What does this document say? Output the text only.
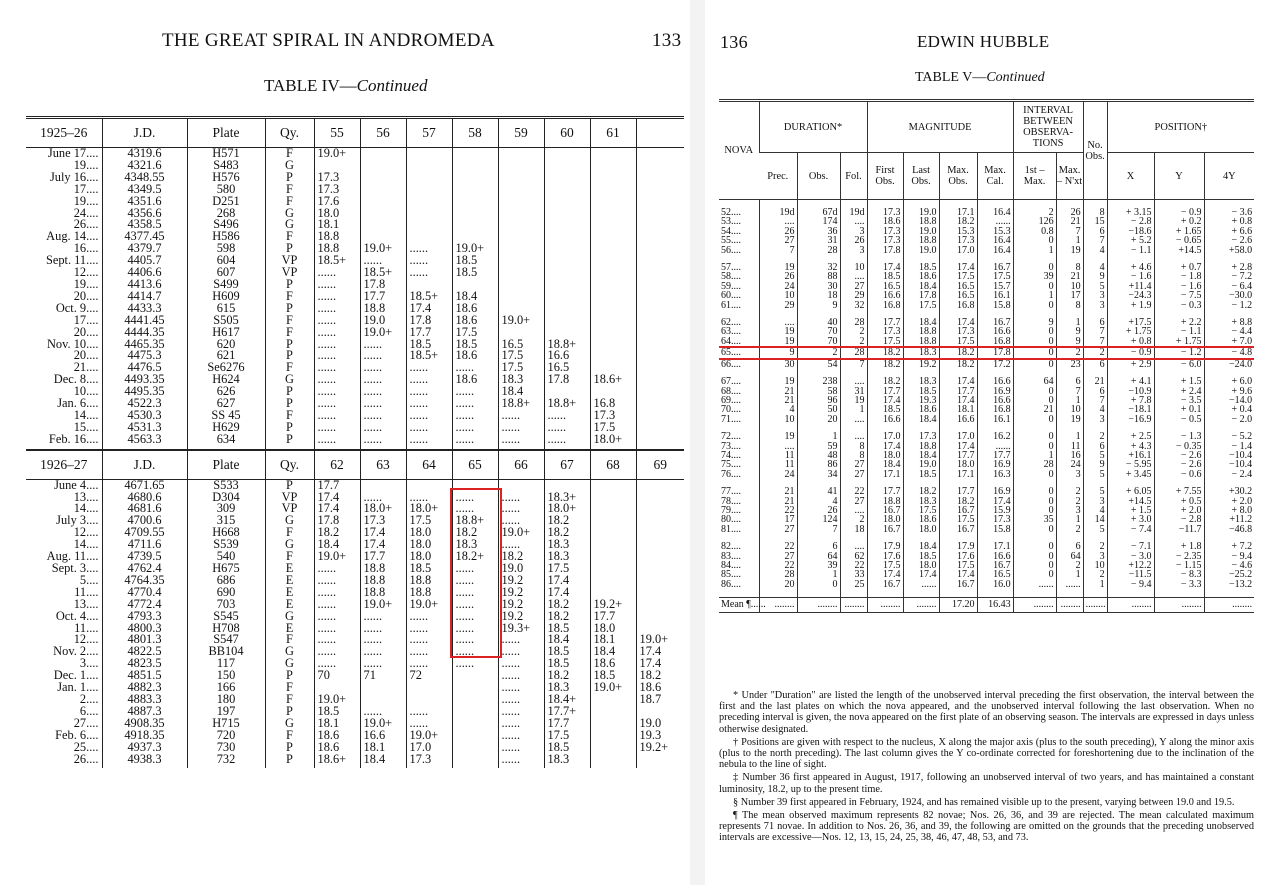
THE GREAT SPIRAL IN ANDROMEDA	133
TABLE IV—Continued
1925–26	J.D.	Plate	Qy.	55	56	57	58	59	60	61	
June 17....	4319.6	H571	F	19.0+							
19....	4321.6	S483	G								
July 16....	4348.55	H576	P	17.3							
17....	4349.5	580	F	17.3							
19....	4351.6	D251	F	17.6							
24....	4356.6	268	G	18.0							
26....	4358.5	S496	G	18.1							
Aug. 14....	4377.45	H586	F	18.8							
16....	4379.7	598	P	18.8	19.0+	......	19.0+				
Sept. 11....	4405.7	604	VP	18.5+	......	......	18.5				
12....	4406.6	607	VP	......	18.5+	......	18.5				
19....	4413.6	S499	P	......	17.8						
20....	4414.7	H609	F	......	17.7	18.5+	18.4				
Oct. 9....	4433.3	615	P	......	18.8	17.4	18.6				
17....	4441.45	S505	F	......	19.0	17.8	18.6	19.0+			
20....	4444.35	H617	F	......	19.0+	17.7	17.5				
Nov. 10....	4465.35	620	P	......	......	18.5	18.5	16.5	18.8+		
20....	4475.3	621	P	......	......	18.5+	18.6	17.5	16.6		
21....	4476.5	Se6276	F	......	......	......	......	17.5	16.5		
Dec. 8....	4493.35	H624	G	......	......	......	18.6	18.3	17.8	18.6+	
10....	4495.35	626	P	......	......	......	......	18.4			
Jan. 6....	4522.3	627	P	......	......	......	......	18.8+	18.8+	16.8	
14....	4530.3	SS 45	F	......	......	......	......	......	......	17.3	
15....	4531.3	H629	P	......	......	......	......	......	......	17.5	
Feb. 16....	4563.3	634	P	......	......	......	......	......	......	18.0+	
1926–27	J.D.	Plate	Qy.	62	63	64	65	66	67	68	69
June 4....	4671.65	S533	P	17.7							
13....	4680.6	D304	VP	17.4	......	......	......	......	18.3+		
14....	4681.6	309	VP	17.4	18.0+	18.0+	......	......	18.0+		
July 3....	4700.6	315	G	17.8	17.3	17.5	18.8+	......	18.2		
12....	4709.55	H668	F	18.2	17.4	18.0	18.2	19.0+	18.2		
14....	4711.6	S539	G	18.4	17.4	18.0	18.3	......	18.3		
Aug. 11....	4739.5	540	F	19.0+	17.7	18.0	18.2+	18.2	18.3		
Sept. 3....	4762.4	H675	E	......	18.8	18.5	......	19.0	17.5		
5....	4764.35	686	E	......	18.8	18.8	......	19.2	17.4		
11....	4770.4	690	E	......	18.8	18.8	......	19.2	17.4		
13....	4772.4	703	E	......	19.0+	19.0+	......	19.2	18.2	19.2+	
Oct. 4....	4793.3	S545	G	......	......	......	......	19.2	18.2	17.7	
11....	4800.3	H708	E	......	......	......	......	19.3+	18.5	18.0	
12....	4801.3	S547	F	......	......	......	......	......	18.4	18.1	19.0+
Nov. 2....	4822.5	BB104	G	......	......	......	......	......	18.5	18.4	17.4
3....	4823.5	117	G	......	......	......	......	......	18.5	18.6	17.4
Dec. 1....	4851.5	150	P	70	71	72		......	18.2	18.5	18.2
Jan. 1....	4882.3	166	F					......	18.3	19.0+	18.6
2....	4883.3	180	F	19.0+				......	18.4+		18.7
6....	4887.3	197	P	18.5	......	......		......	17.7+		
27....	4908.35	H715	G	18.1	19.0+	......		......	17.7		19.0
Feb. 6....	4918.35	720	F	18.6	16.6	19.0+		......	17.5		19.3
25....	4937.3	730	P	18.6	18.1	17.0		......	18.5		19.2+
26....	4938.3	732	P	18.6+	18.4	17.3		......	18.3		
136	EDWIN HUBBLE
TABLE V—Continued
NOVA	DURATION*			MAGNITUDE				INTERVAL BETWEEN OBSERVA-TIONS		No. Obs.	POSITION†		
	Prec.	Obs.	Fol.	First Obs.	Last Obs.	Max. Obs.	Max. Cal.	1st – Max.	Max. – N'xt		X	Y	4Y

52....	19d	67d	19d	17.3	19.0	17.1	16.4	2	26	8	+ 3.15	− 0.9	− 3.6
53....	....	174	....	18.6	18.8	18.2	......	126	21	15	− 2.8	+ 0.2	+ 0.8
54....	26	36	3	17.3	19.0	15.3	15.3	0.8	7	6	−18.6	+ 1.65	+ 6.6
55....	27	31	26	17.3	18.8	17.3	16.4	0	1	7	+ 5.2	− 0.65	− 2.6
56....	7	28	3	17.8	19.0	17.0	16.4	1	19	4	− 1.1	+14.5	+58.0

57....	19	32	10	17.4	18.5	17.4	16.7	0	8	4	+ 4.6	+ 0.7	+ 2.8
58....	26	88	....	18.5	18.6	17.5	17.5	39	21	9	− 1.6	− 1.8	− 7.2
59....	24	30	27	16.5	18.4	16.5	15.7	0	10	5	+11.4	− 1.6	− 6.4
60....	10	18	29	16.6	17.8	16.5	16.1	1	17	3	−24.3	− 7.5	−30.0
61....	29	9	32	16.8	17.5	16.8	15.8	0	8	3	+ 1.9	− 0.3	− 1.2

62....	....	40	28	17.7	18.4	17.4	16.7	9	1	6	+17.5	+ 2.2	+ 8.8
63....	19	70	2	17.3	18.8	17.3	16.6	0	9	7	+ 1.75	− 1.1	− 4.4
64....	19	70	2	17.5	18.8	17.5	16.8	0	9	7	+ 0.8	+ 1.75	+ 7.0
65....	9	2	28	18.2	18.3	18.2	17.8	0	2	2	− 0.9	− 1.2	− 4.8
66....	30	54	7	18.2	19.2	18.2	17.2	0	23	6	+ 2.9	− 6.0	−24.0

67....	19	238	....	18.2	18.3	17.4	16.6	64	6	21	+ 4.1	+ 1.5	+ 6.0
68....	21	58	31	17.7	18.5	17.7	16.9	0	7	6	−10.9	+ 2.4	+ 9.6
69....	21	96	19	17.4	19.3	17.4	16.6	0	1	7	+ 7.8	− 3.5	−14.0
70....	4	50	1	18.5	18.6	18.1	16.8	21	10	4	−18.1	+ 0.1	+ 0.4
71....	10	20	....	16.6	18.4	16.6	16.1	0	19	3	−16.9	− 0.5	− 2.0

72....	19	1	....	17.0	17.3	17.0	16.2	0	1	2	+ 2.5	− 1.3	− 5.2
73....	....	59	8	17.4	18.8	17.4	......	0	11	6	+ 4.3	− 0.35	− 1.4
74....	11	48	8	18.0	18.4	17.7	17.7	1	16	5	+16.1	− 2.6	−10.4
75....	11	86	27	18.4	19.0	18.0	16.9	28	24	9	− 5.95	− 2.6	−10.4
76....	24	34	27	17.1	18.5	17.1	16.3	0	3	5	+ 3.45	− 0.6	− 2.4

77....	21	41	22	17.7	18.2	17.7	16.9	0	2	5	+ 6.05	+ 7.55	+30.2
78....	21	4	27	18.8	18.3	18.2	17.4	0	2	3	+14.5	+ 0.5	+ 2.0
79....	22	26	....	16.7	17.5	16.7	15.9	0	3	4	+ 1.5	+ 2.0	+ 8.0
80....	17	124	2	18.0	18.6	17.5	17.3	35	1	14	+ 3.0	− 2.8	+11.2
81....	27	7	18	16.7	18.0	16.7	15.8	0	2	5	− 7.4	−11.7	−46.8

82....	22	6	....	17.9	18.4	17.9	17.1	0	6	2	− 7.1	+ 1.8	+ 7.2
83....	27	64	62	17.6	18.5	17.6	16.6	0	64	3	− 3.0	− 2.35	− 9.4
84....	22	39	22	17.5	18.0	17.5	16.7	0	2	10	+12.2	− 1.15	− 4.6
85....	28	1	33	17.4	17.4	17.4	16.5	0	1	2	−11.5	− 8.3	−25.2
86....	20	0	25	16.7	......	16.7	16.0	......	......	1	− 9.4	− 3.3	−13.2

Mean ¶......	........	........	........	........	........	17.20	16.43	........	........	........	........	........	........

* Under "Duration" are listed the length of the unobserved interval preceding the first observation, the interval between the first and the last plates on which the nova appeared, and the unobserved interval following the last observation. When no preceding interval is given, the nova appeared on the first plate of an observing season. The intervals are expressed in days unless otherwise designated.

† Positions are given with respect to the nucleus, X along the major axis (plus to the south preceding), Y along the minor axis (plus to the north preceding). The last column gives the Y co-ordinate corrected for foreshortening due to the inclination of the nebula to the line of sight.

‡ Number 36 first appeared in August, 1917, following an unobserved interval of two years, and has maintained a constant luminosity, 18.2, up to the present time.

§ Number 39 first appeared in February, 1924, and has remained visible up to the present, varying between 19.0 and 19.5.

¶ The mean observed maximum represents 82 novae; Nos. 26, 36, and 39 are rejected. The mean calculated maximum represents 71 novae. In addition to Nos. 26, 36, and 39, the following are omitted on the grounds that the preceding unobserved intervals are excessive—Nos. 12, 13, 15, 24, 25, 38, 46, 47, 48, 53, and 73.
